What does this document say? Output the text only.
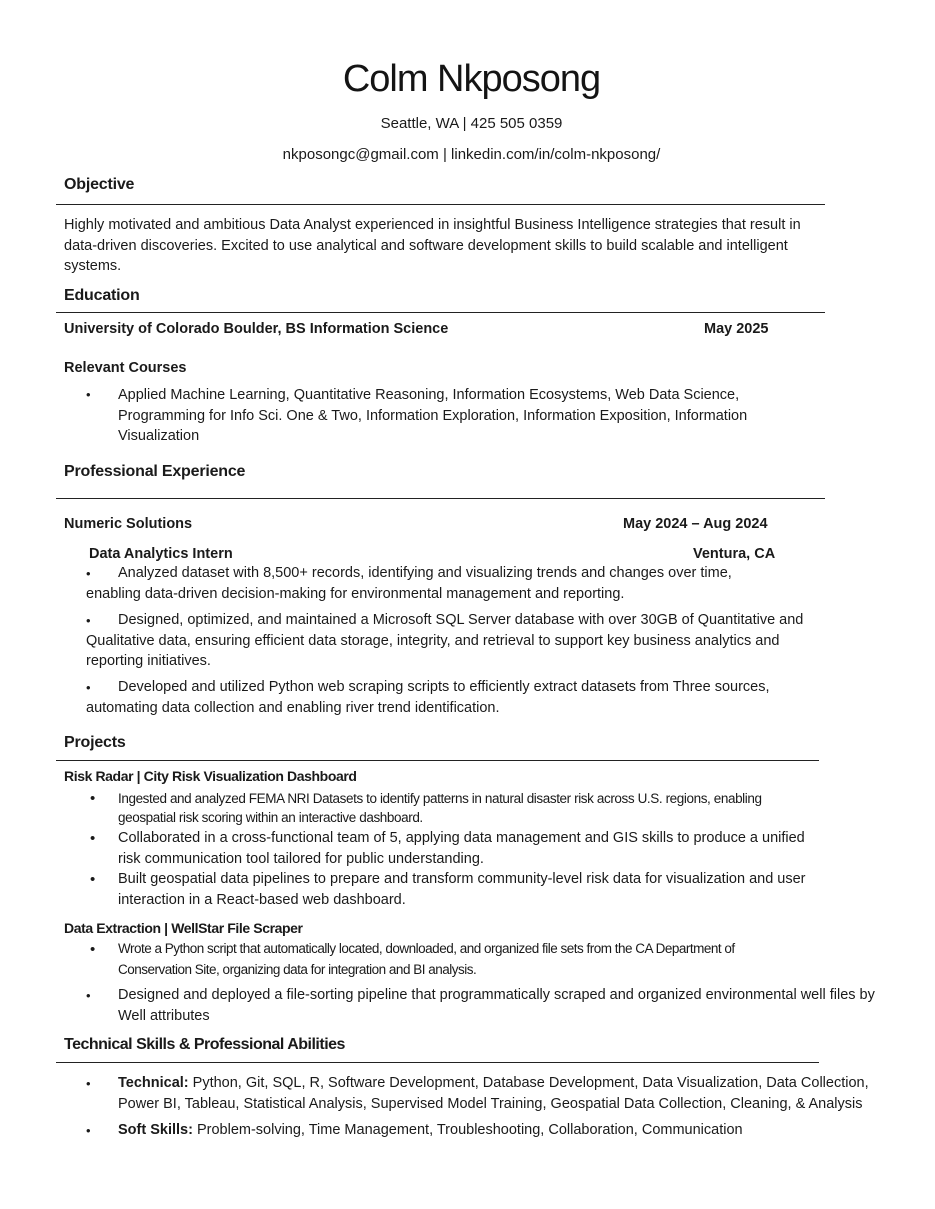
Colm Nkposong
Seattle, WA | 425 505 0359
nkposongc@gmail.com | linkedin.com/in/colm-nkposong/
Objective
Highly motivated and ambitious Data Analyst experienced in insightful Business Intelligence strategies that result in data-driven discoveries. Excited to use analytical and software development skills to build scalable and intelligent systems.
Education
University of Colorado Boulder, BS Information Science	May 2025
Relevant Courses
• Applied Machine Learning, Quantitative Reasoning, Information Ecosystems, Web Data Science, Programming for Info Sci. One & Two, Information Exploration, Information Exposition, Information Visualization
Professional Experience
Numeric Solutions	May 2024 – Aug 2024
Data Analytics Intern	Ventura, CA
•	Analyzed dataset with 8,500+ records, identifying and visualizing trends and changes over time, enabling data-driven decision-making for environmental management and reporting.
•	Designed, optimized, and maintained a Microsoft SQL Server database with over 30GB of Quantitative and Qualitative data, ensuring efficient data storage, integrity, and retrieval to support key business analytics and reporting initiatives.
•	Developed and utilized Python web scraping scripts to efficiently extract datasets from Three sources, automating data collection and enabling river trend identification.
Projects
Risk Radar | City Risk Visualization Dashboard
• Ingested and analyzed FEMA NRI Datasets to identify patterns in natural disaster risk across U.S. regions, enabling geospatial risk scoring within an interactive dashboard.
• Collaborated in a cross-functional team of 5, applying data management and GIS skills to produce a unified risk communication tool tailored for public understanding.
• Built geospatial data pipelines to prepare and transform community-level risk data for visualization and user interaction in a React-based web dashboard.
Data Extraction | WellStar File Scraper
• Wrote a Python script that automatically located, downloaded, and organized file sets from the CA Department of Conservation Site, organizing data for integration and BI analysis.
• Designed and deployed a file-sorting pipeline that programmatically scraped and organized environmental well files by Well attributes
Technical Skills & Professional Abilities
• Technical: Python, Git, SQL, R, Software Development, Database Development, Data Visualization, Data Collection, Power BI, Tableau, Statistical Analysis, Supervised Model Training, Geospatial Data Collection, Cleaning, & Analysis
• Soft Skills: Problem-solving, Time Management, Troubleshooting, Collaboration, Communication
